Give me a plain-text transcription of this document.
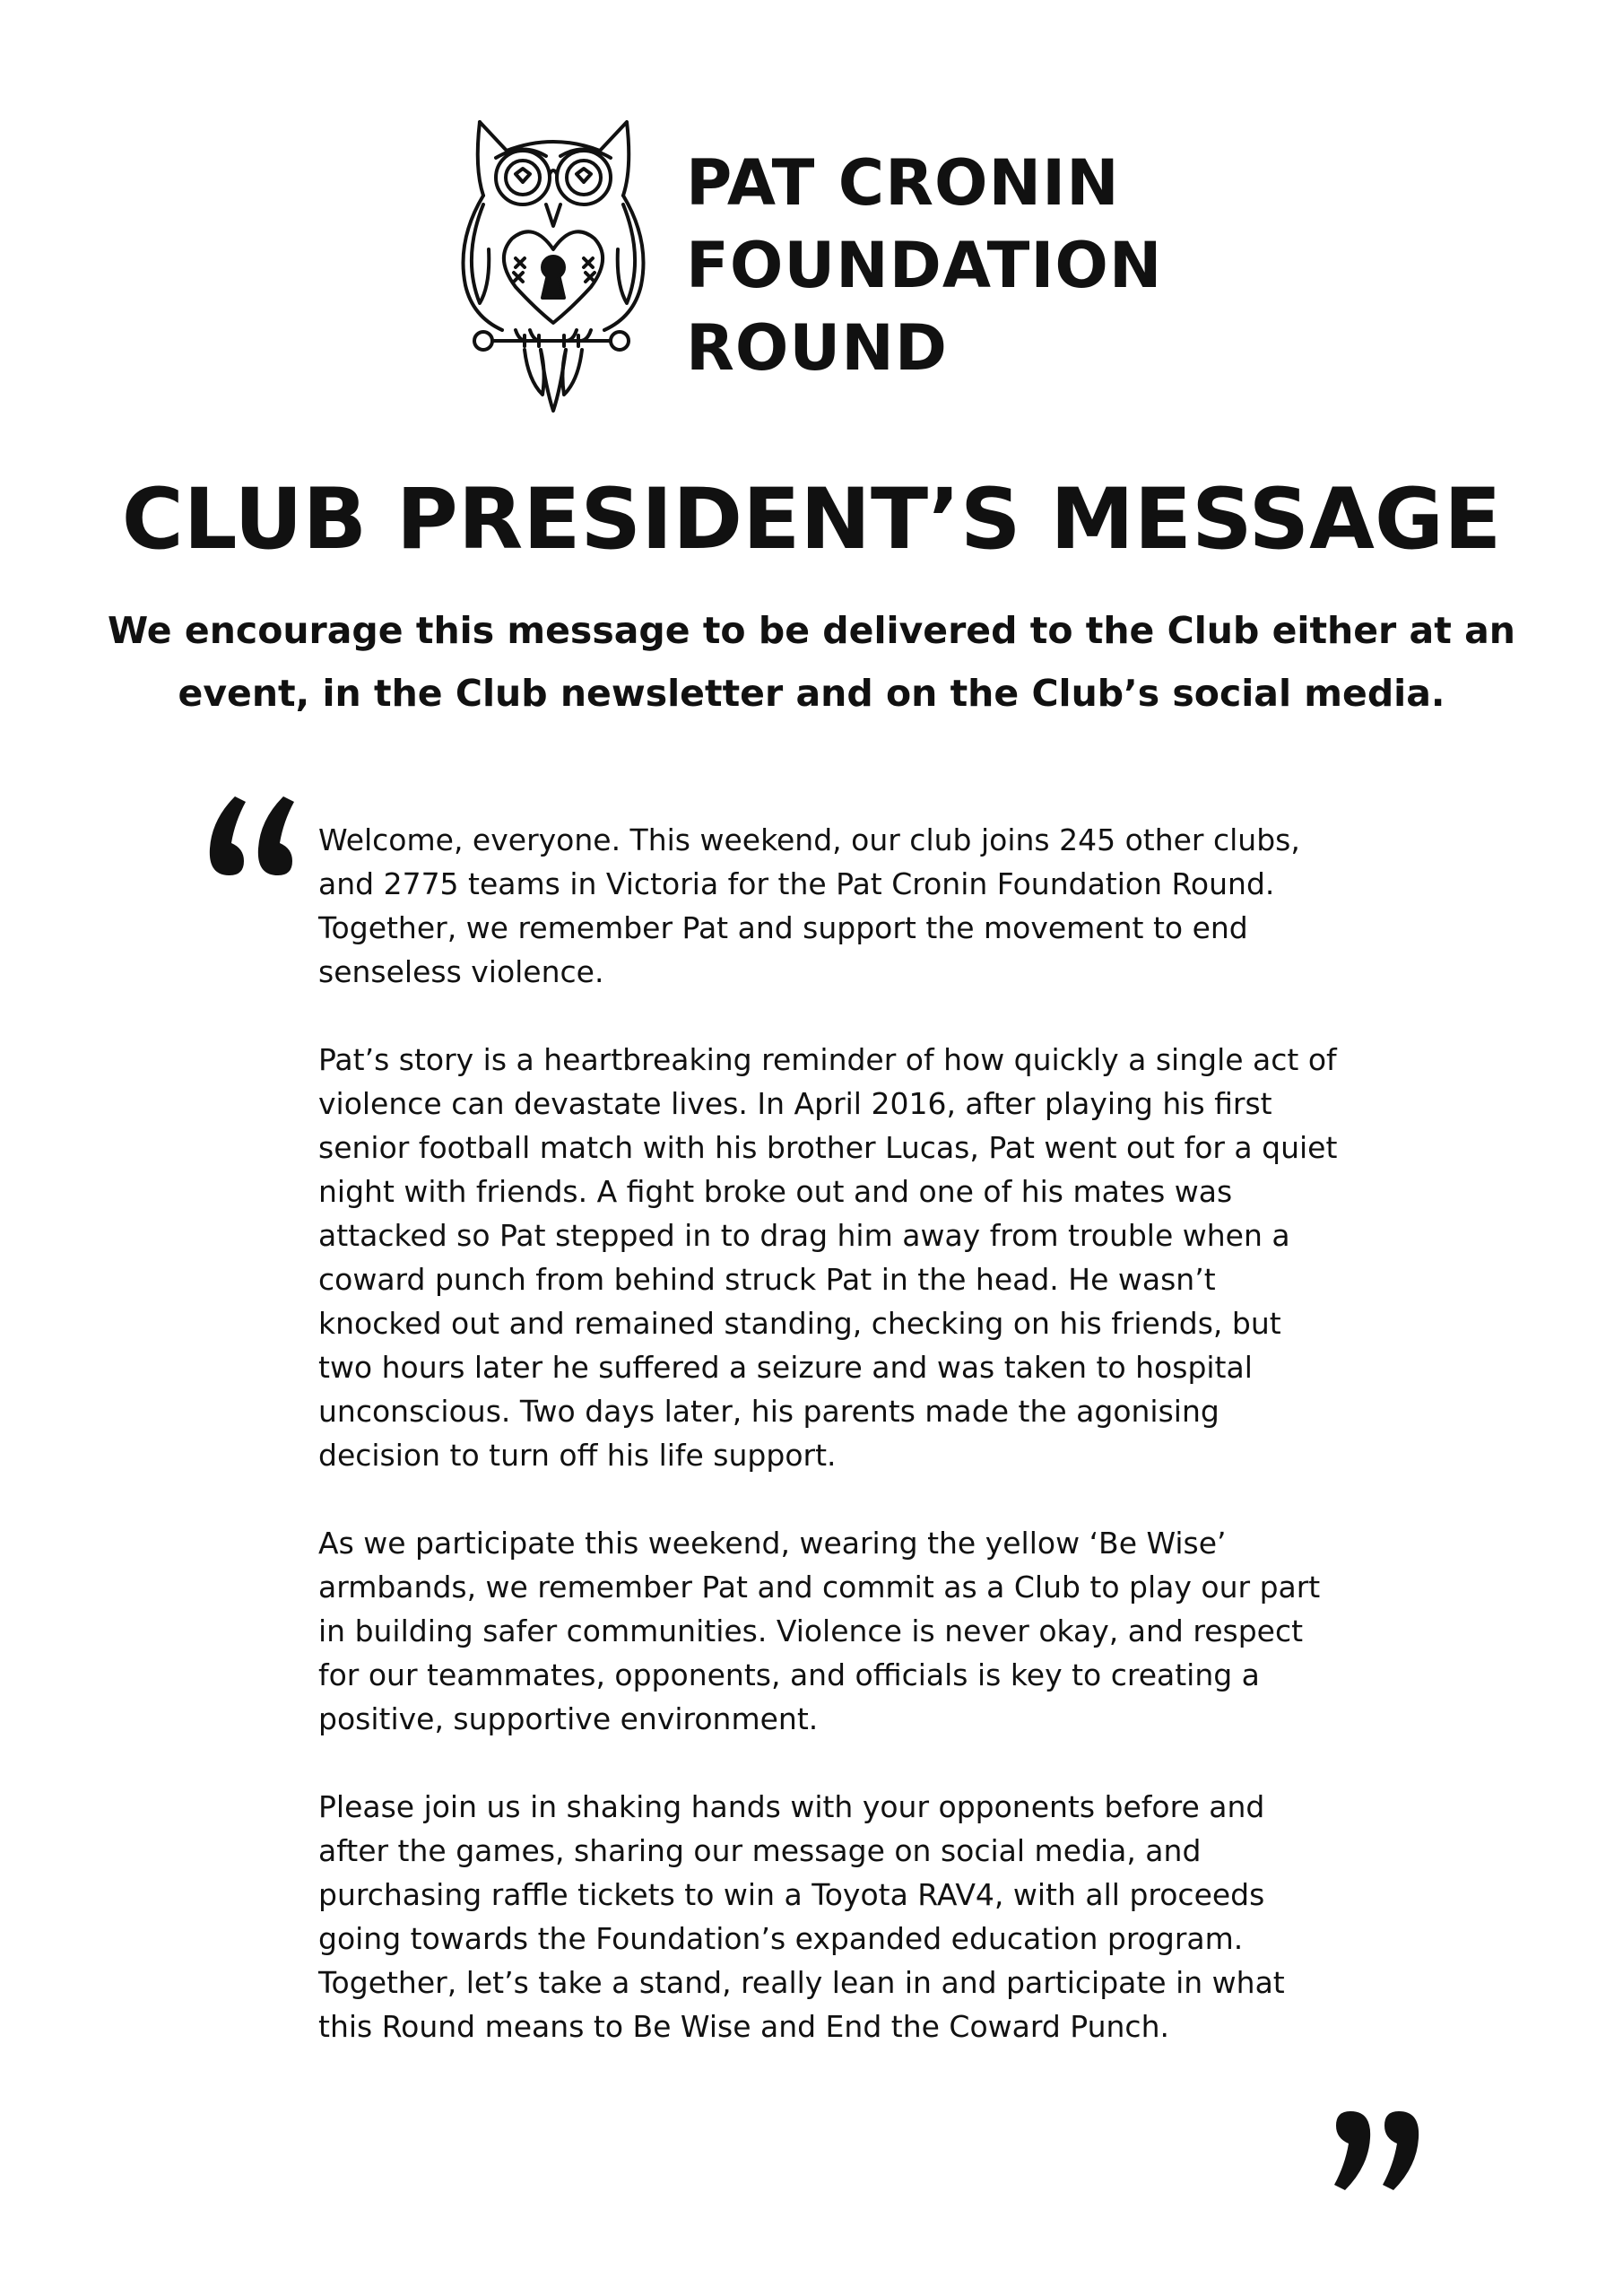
PAT CRONIN
FOUNDATION
ROUND
CLUB PRESIDENT’S MESSAGE
We encourage this message to be delivered to the Club either at an event, in the Club newsletter and on the Club’s social media.

Welcome, everyone. This weekend, our club joins 245 other clubs, and 2775 teams in Victoria for the Pat Cronin Foundation Round. Together, we remember Pat and support the movement to end senseless violence.

Pat’s story is a heartbreaking reminder of how quickly a single act of violence can devastate lives. In April 2016, after playing his first senior football match with his brother Lucas, Pat went out for a quiet night with friends. A fight broke out and one of his mates was attacked so Pat stepped in to drag him away from trouble when a coward punch from behind struck Pat in the head. He wasn’t knocked out and remained standing, checking on his friends, but two hours later he suffered a seizure and was taken to hospital unconscious. Two days later, his parents made the agonising decision to turn off his life support.

As we participate this weekend, wearing the yellow ‘Be Wise’ armbands, we remember Pat and commit as a Club to play our part in building safer communities. Violence is never okay, and respect for our teammates, opponents, and officials is key to creating a positive, supportive environment.

Please join us in shaking hands with your opponents before and after the games, sharing our message on social media, and purchasing raffle tickets to win a Toyota RAV4, with all proceeds going towards the Foundation’s expanded education program. Together, let’s take a stand, really lean in and participate in what this Round means to Be Wise and End the Coward Punch.
